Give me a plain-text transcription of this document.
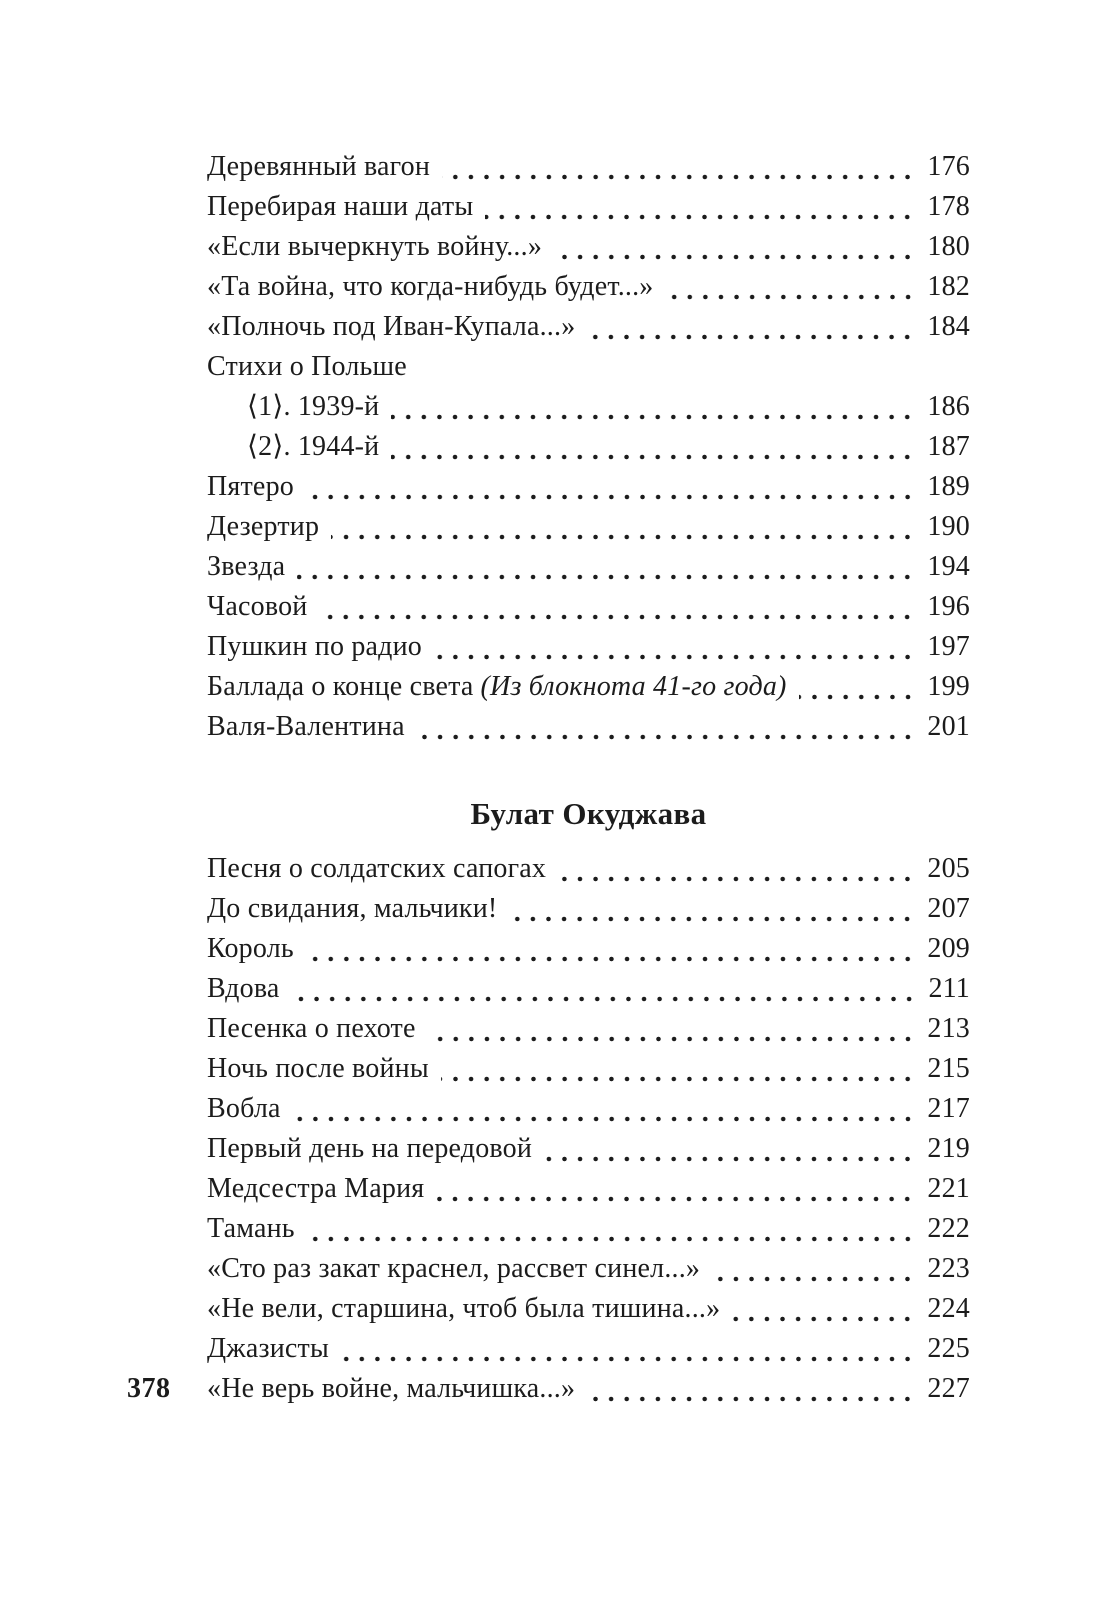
378
Деревянный вагон	176
Перебирая наши даты	178
«Если вычеркнуть войну...»	180
«Та война, что когда-нибудь будет...»	182
«Полночь под Иван-Купала...»	184
Стихи о Польше
⟨1⟩. 1939-й	186
⟨2⟩. 1944-й	187
Пятеро	189
Дезертир	190
Звезда	194
Часовой	196
Пушкин по радио	197
Баллада о конце света (Из блокнота 41-го года)	199
Валя-Валентина	201
Булат Окуджава
Песня о солдатских сапогах	205
До свидания, мальчики!	207
Король	209
Вдова	211
Песенка о пехоте	213
Ночь после войны	215
Вобла	217
Первый день на передовой	219
Медсестра Мария	221
Тамань	222
«Сто раз закат краснел, рассвет синел...»	223
«Не вели, старшина, чтоб была тишина...»	224
Джазисты	225
«Не верь войне, мальчишка...»	227
